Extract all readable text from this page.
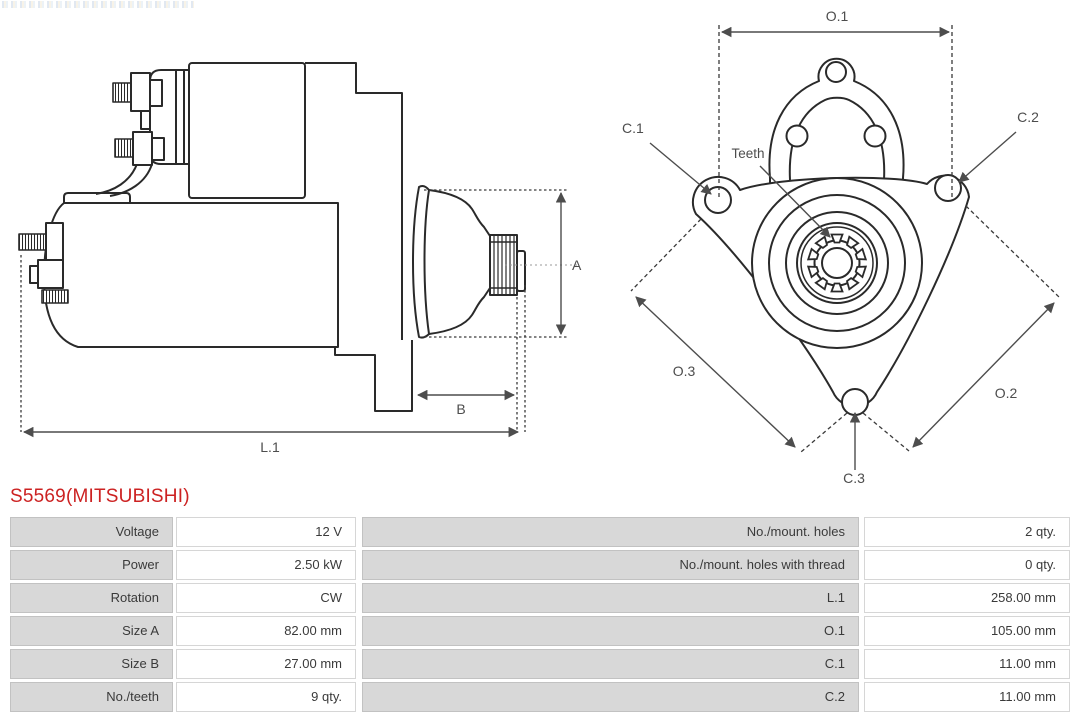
A
B
L.1
O.1
C.1
C.2
Teeth
O.3
O.2
C.3
S5569(MITSUBISHI)
Voltage	12 V	No./mount. holes	2 qty.
Power	2.50 kW	No./mount. holes with thread	0 qty.
Rotation	CW	L.1	258.00 mm
Size A	82.00 mm	O.1	105.00 mm
Size B	27.00 mm	C.1	11.00 mm
No./teeth	9 qty.	C.2	11.00 mm
